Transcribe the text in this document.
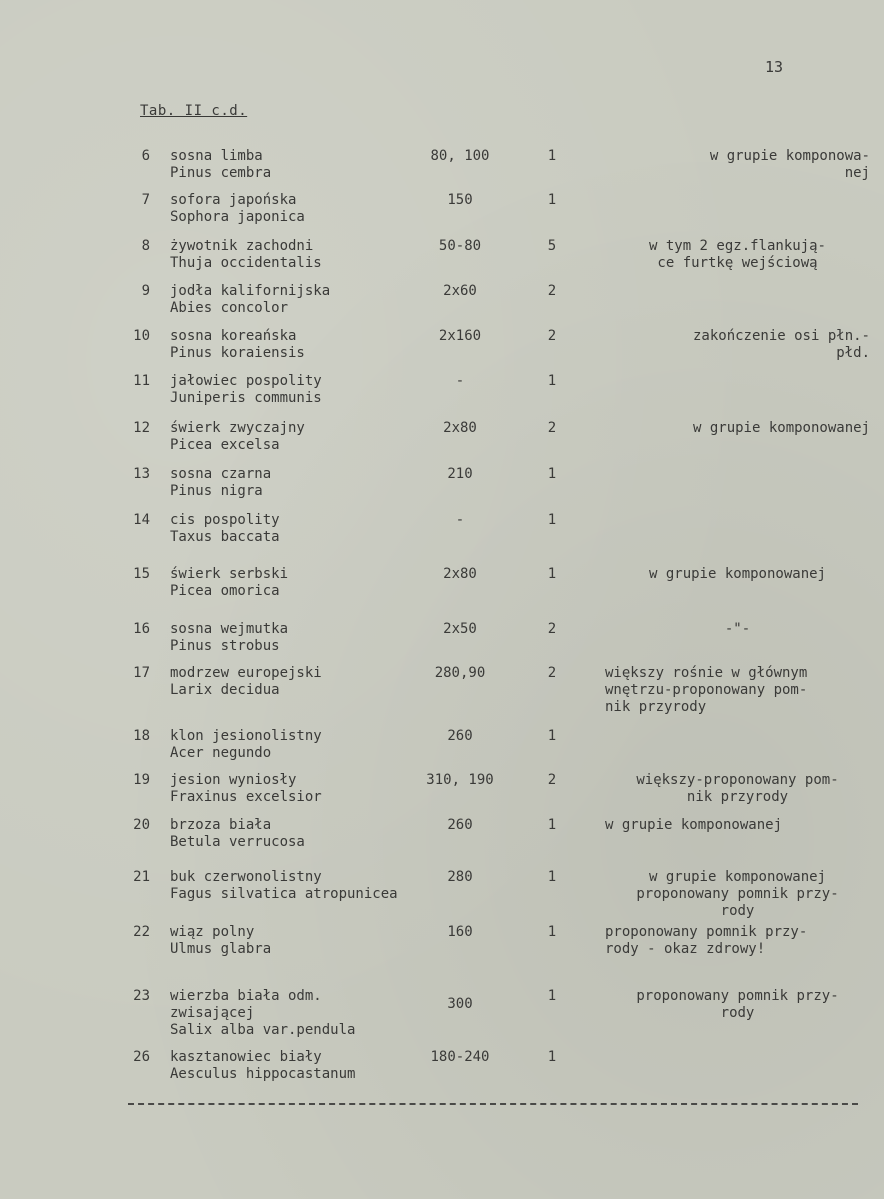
13
Tab. II c.d.
6 sosna limba
Pinus cembra
80, 100	1	w grupie komponowa-
nej
7 sofora japońska
Sophora japonica
150	1
8 żywotnik zachodni
Thuja occidentalis
50-80	5	w tym 2 egz.flankują-
ce furtkę wejściową
9 jodła kalifornijska
Abies concolor
2x60	2
10 sosna koreańska
Pinus koraiensis
2x160	2	zakończenie osi płn.-
płd.
11 jałowiec pospolity
Juniperis communis
-	1
12 świerk zwyczajny
Picea excelsa
2x80	2	w grupie komponowanej
13 sosna czarna
Pinus nigra
210	1
14 cis pospolity
Taxus baccata
-	1
15 świerk serbski
Picea omorica
2x80	1	w grupie komponowanej
16 sosna wejmutka
Pinus strobus
2x50	2	-"-
17 modrzew europejski
Larix decidua
280,90	2	większy rośnie w głównym
wnętrzu-proponowany pom-
nik przyrody
18 klon jesionolistny
Acer negundo
260	1
19 jesion wyniosły
Fraxinus excelsior
310, 190	2	większy-proponowany pom-
nik przyrody
20 brzoza biała
Betula verrucosa
260	1	w grupie komponowanej
21 buk czerwonolistny
Fagus silvatica atropunicea
280	1	w grupie komponowanej
proponowany pomnik przy-
rody
22 wiąz polny
Ulmus glabra
160	1	proponowany pomnik przy-
rody - okaz zdrowy!
23 wierzba biała odm.
zwisającej
Salix alba var.pendula
300	1	proponowany pomnik przy-
rody
26 kasztanowiec biały
Aesculus hippocastanum
180-240	1
